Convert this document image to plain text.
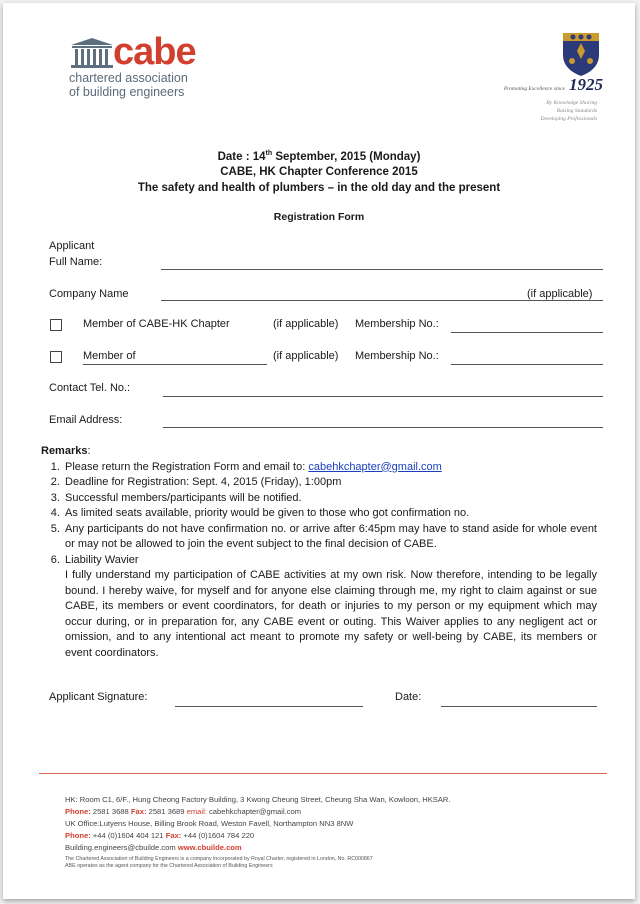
cabe
chartered association
of building engineers	Promoting Excellence since 1925
By Knowledge Sharing
Raising Standards
Developing Professionals
Date : 14th September, 2015 (Monday)
CABE, HK Chapter Conference 2015
The safety and health of plumbers – in the old day and the present
Registration Form
Applicant
Full Name:
Company Name	(if applicable)
Member of CABE-HK Chapter	(if applicable) Membership No.:
Member of	(if applicable) Membership No.:
Contact Tel. No.:
Email Address:
Remarks:
1. Please return the Registration Form and email to: cabehkchapter@gmail.com
2. Deadline for Registration: Sept. 4, 2015 (Friday), 1:00pm
3. Successful members/participants will be notified.
4. As limited seats available, priority would be given to those who got confirmation no.
5. Any participants do not have confirmation no. or arrive after 6:45pm may have to stand aside for whole event or may not be allowed to join the event subject to the final decision of CABE.
6. Liability Wavier
I fully understand my participation of CABE activities at my own risk. Now therefore, intending to be legally bound. I hereby waive, for myself and for anyone else claiming through me, my right to claim against or sue CABE, its members or event coordinators, for death or injuries to my person or my equipment which may occur during, or in preparation for, any CABE event or outing. This Waiver applies to any negligent act or omission, and to any intentional act meant to promote my safety or well-being by CABE, its members or event coordinators.
Applicant Signature:	Date:
HK: Room C1, 6/F., Hung Cheong Factory Building, 3 Kwong Cheung Street, Cheung Sha Wan, Kowloon, HKSAR.
Phone: 2581 3688 Fax: 2581 3689 email: cabehkchapter@gmail.com
UK Office:Lutyens House, Billing Brook Road, Weston Favell, Northampton NN3 8NW
Phone: +44 (0)1604 404 121 Fax: +44 (0)1604 784 220
Building.engineers@cbuilde.com www.cbuilde.com
The Chartered Association of Building Engineers is a company incorporated by Royal Charter, registered in London, No. RC000867
ABE operates as the agent company for the Chartered Association of Building Engineers
